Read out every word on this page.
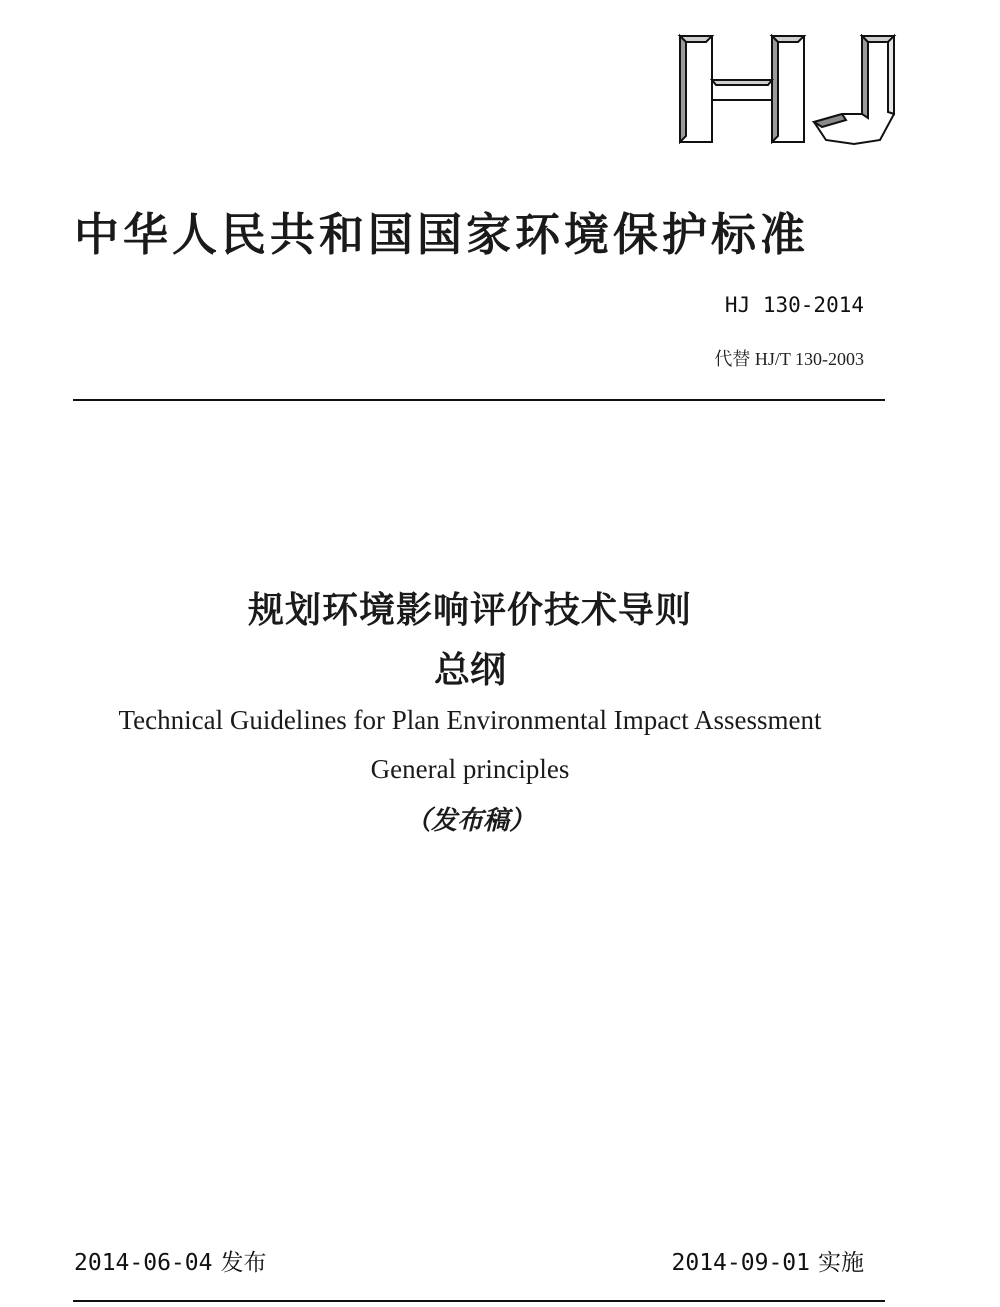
HJ
中华人民共和国国家环境保护标准
HJ 130-2014
代替 HJ/T 130-2003
规划环境影响评价技术导则
总纲
Technical Guidelines for Plan Environmental Impact Assessment
General principles
（发布稿）
2014-06-04 发布	2014-09-01 实施
